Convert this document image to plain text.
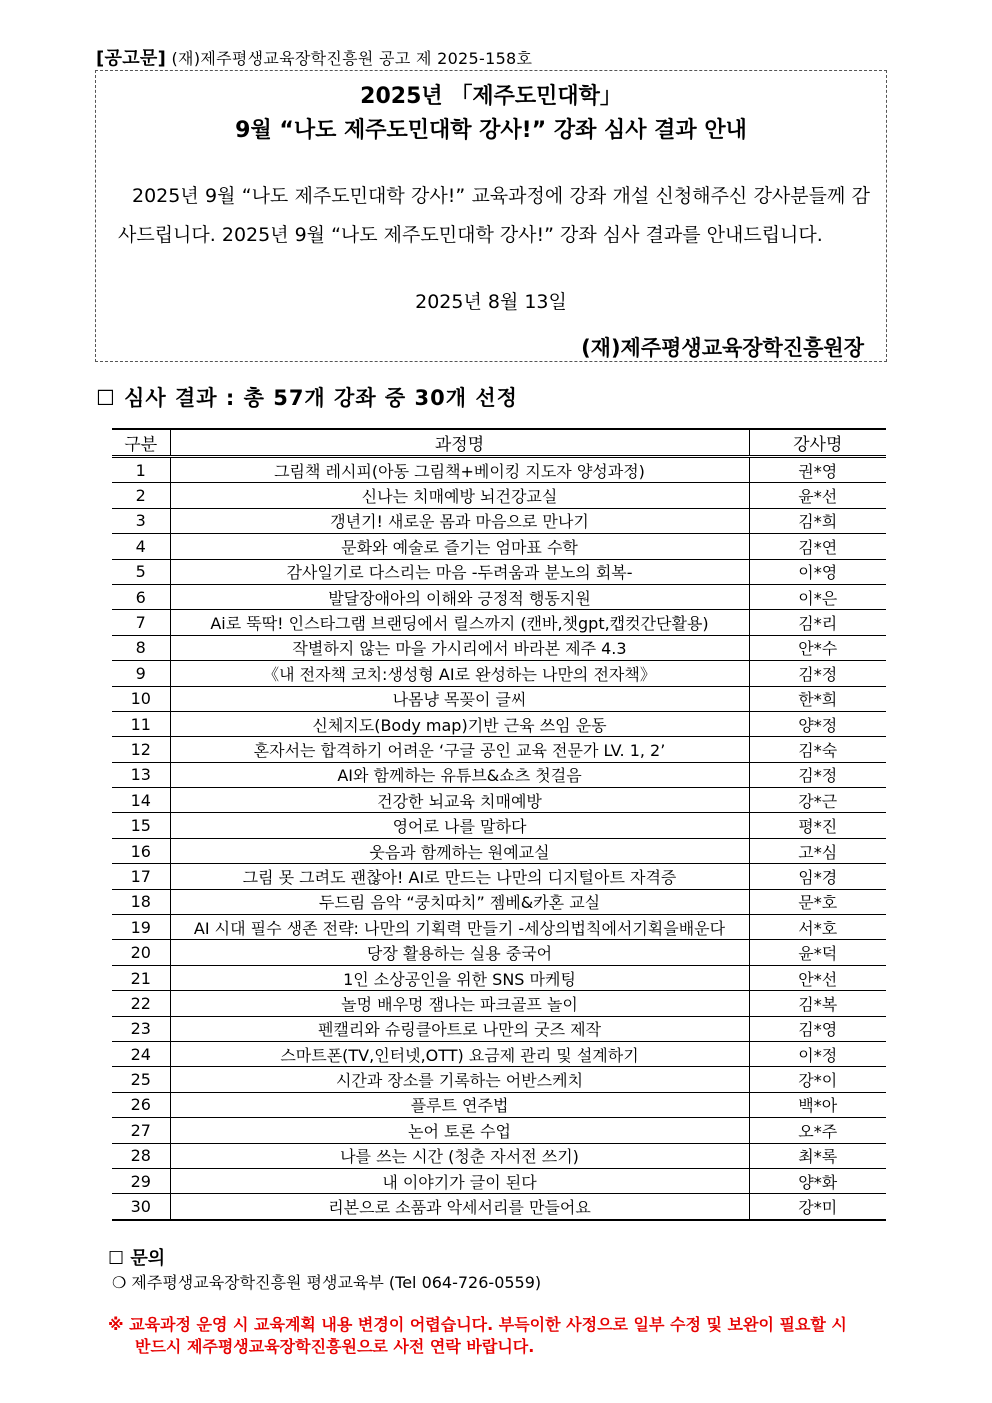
[공고문] (재)제주평생교육장학진흥원 공고 제 2025-158호
2025년 「제주도민대학」
9월 “나도 제주도민대학 강사!” 강좌 심사 결과 안내

2025년 9월 “나도 제주도민대학 강사!” 교육과정에 강좌 개설 신청해주신 강사분들께 감사드립니다. 2025년 9월 “나도 제주도민대학 강사!” 강좌 심사 결과를 안내드립니다.

2025년 8월 13일
(재)제주평생교육장학진흥원장
☐ 심사 결과 : 총 57개 강좌 중 30개 선정
구분	과정명	강사명
1	그림책 레시피(아동 그림책+베이킹 지도자 양성과정)	권*영
2	신나는 치매예방 뇌건강교실	윤*선
3	갱년기! 새로운 몸과 마음으로 만나기	김*희
4	문화와 예술로 즐기는 엄마표 수학	김*연
5	감사일기로 다스리는 마음 -두려움과 분노의 회복-	이*영
6	발달장애아의 이해와 긍정적 행동지원	이*은
7	Ai로 뚝딱! 인스타그램 브랜딩에서 릴스까지 (캔바,챗gpt,캡컷간단활용)	김*리
8	작별하지 않는 마을 가시리에서 바라본 제주 4.3	안*수
9	《내 전자책 코치:생성형 AI로 완성하는 나만의 전자책》	김*정
10	나몸냥 목꽂이 글씨	한*희
11	신체지도(Body map)기반 근육 쓰임 운동	양*정
12	혼자서는 합격하기 어려운 ‘구글 공인 교육 전문가 LV. 1, 2’	김*숙
13	AI와 함께하는 유튜브&쇼츠 첫걸음	김*정
14	건강한 뇌교육 치매예방	강*근
15	영어로 나를 말하다	평*진
16	웃음과 함께하는 원예교실	고*심
17	그림 못 그려도 괜찮아! AI로 만드는 나만의 디지털아트 자격증	임*경
18	두드림 음악 “쿵치따치” 젬베&카혼 교실	문*호
19	AI 시대 필수 생존 전략: 나만의 기획력 만들기 -세상의법칙에서기획을배운다	서*호
20	당장 활용하는 실용 중국어	윤*덕
21	1인 소상공인을 위한 SNS 마케팅	안*선
22	놀멍 배우멍 잼나는 파크골프 놀이	김*복
23	펜캘리와 슈링클아트로 나만의 굿즈 제작	김*영
24	스마트폰(TV,인터넷,OTT) 요금제 관리 및 설계하기	이*정
25	시간과 장소를 기록하는 어반스케치	강*이
26	플루트 연주법	백*아
27	논어 토론 수업	오*주
28	나를 쓰는 시간 (청춘 자서전 쓰기)	최*록
29	내 이야기가 글이 된다	양*화
30	리본으로 소품과 악세서리를 만들어요	강*미
☐ 문의
❍ 제주평생교육장학진흥원 평생교육부 (Tel 064-726-0559)
※ 교육과정 운영 시 교육계획 내용 변경이 어렵습니다. 부득이한 사정으로 일부 수정 및 보완이 필요할 시
반드시 제주평생교육장학진흥원으로 사전 연락 바랍니다.
